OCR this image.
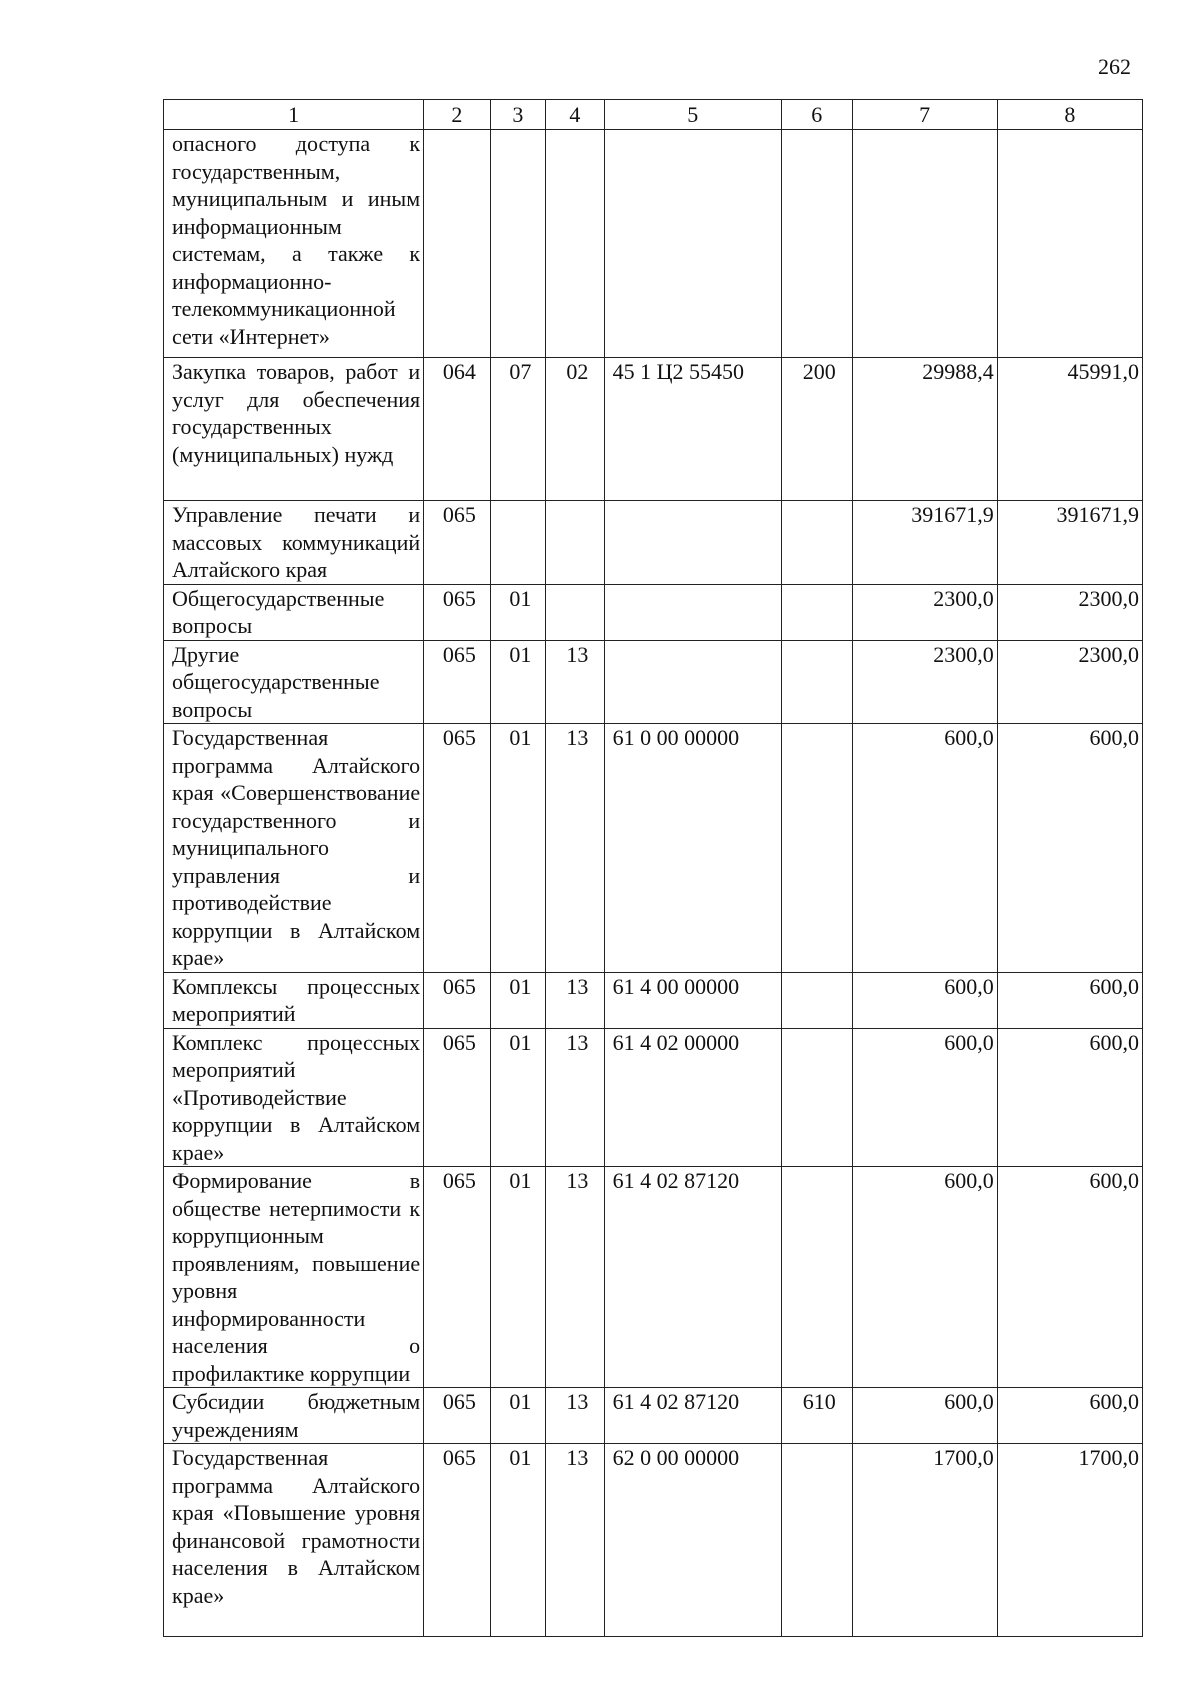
262
1	2	3	4	5	6	7	8
опасного доступа к государственным, муниципальным и иным информационным системам, а также к информационно-телекоммуникационной сети «Интернет»							
Закупка товаров, работ и услуг для обеспечения государственных (муниципальных) нужд	064	07	02	45 1 Ц2 55450	200	29988,4	45991,0
Управление печати и массовых коммуникаций Алтайского края	065					391671,9	391671,9
Общегосударственные вопросы	065	01				2300,0	2300,0
Другие общегосударственные вопросы	065	01	13			2300,0	2300,0
Государственная программа Алтайского края «Совершенствование государственного и муниципального управления и противодействие коррупции в Алтайском крае»	065	01	13	61 0 00 00000		600,0	600,0
Комплексы процессных мероприятий	065	01	13	61 4 00 00000		600,0	600,0
Комплекс процессных мероприятий «Противодействие коррупции в Алтайском крае»	065	01	13	61 4 02 00000		600,0	600,0
Формирование в обществе нетерпимости к коррупционным проявлениям, повышение уровня информированности населения о профилактике коррупции	065	01	13	61 4 02 87120		600,0	600,0
Субсидии бюджетным учреждениям	065	01	13	61 4 02 87120	610	600,0	600,0
Государственная программа Алтайского края «Повышение уровня финансовой грамотности населения в Алтайском крае»	065	01	13	62 0 00 00000		1700,0	1700,0
